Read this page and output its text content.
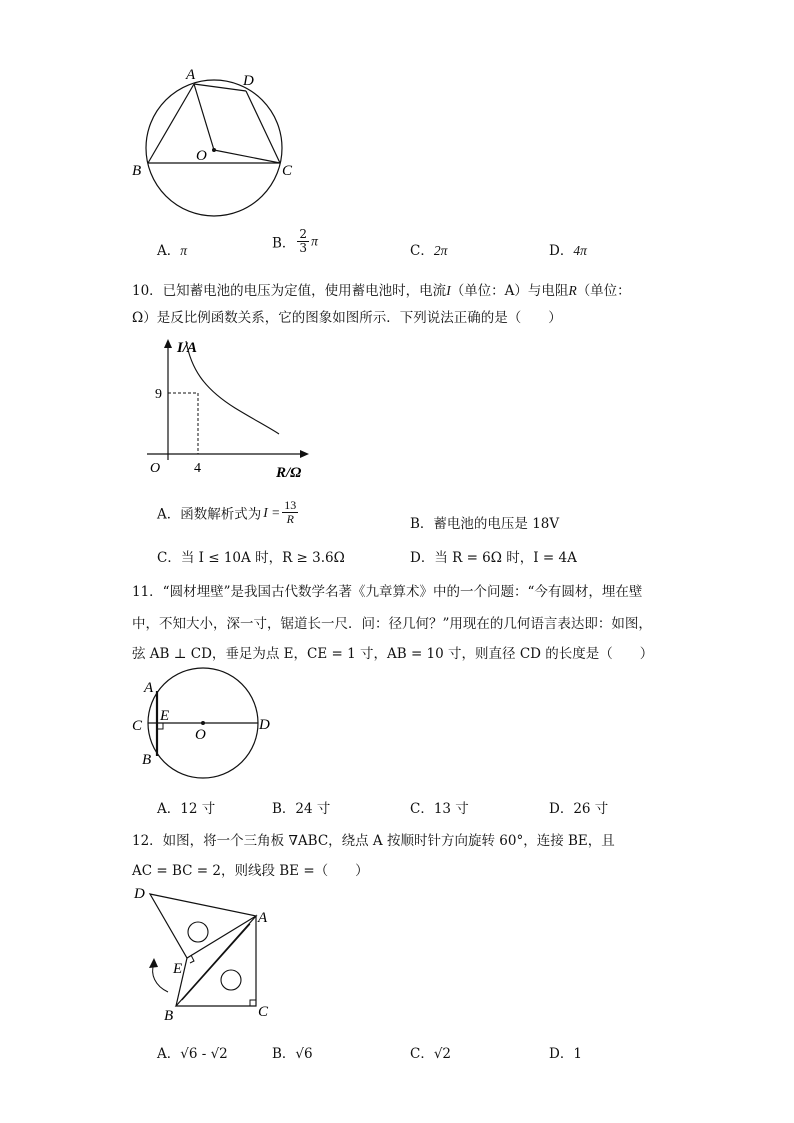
A	D
B	C
O
A．π	B． $\frac{2}{3}$ π
C．2π	D．4π
10．已知蓄电池的电压为定值，使用蓄电池时，电流I（单位：A）与电阻R（单位：
Ω）是反比例函数关系，它的图象如图所示．下列说法正确的是（　　）
I/A
R/Ω
O
9
4
A．函数解析式为 $I = \frac{13}{R}$	B．蓄电池的电压是 18V
C．当 I ≤ 10A 时，R ≥ 3.6Ω	D．当 R = 6Ω 时，I = 4A
11．“圆材埋壁”是我国古代数学名著《九章算术》中的一个问题：“今有圆材，埋在壁
中，不知大小，深一寸，锯道长一尺．问：径几何？”用现在的几何语言表达即：如图，
弦 AB ⊥ CD，垂足为点 E，CE = 1 寸，AB = 10 寸，则直径 CD 的长度是（　　）
A
C
E
O
D
B
A．12 寸	B．24 寸	C．13 寸	D．26 寸
12．如图，将一个三角板 ∇ABC，绕点 A 按顺时针方向旋转 60°，连接 BE，且
AC = BC = 2，则线段 BE =（　　）
D
A
E
B	C
A．√6 - √2	B．√6	C．√2	D．1
